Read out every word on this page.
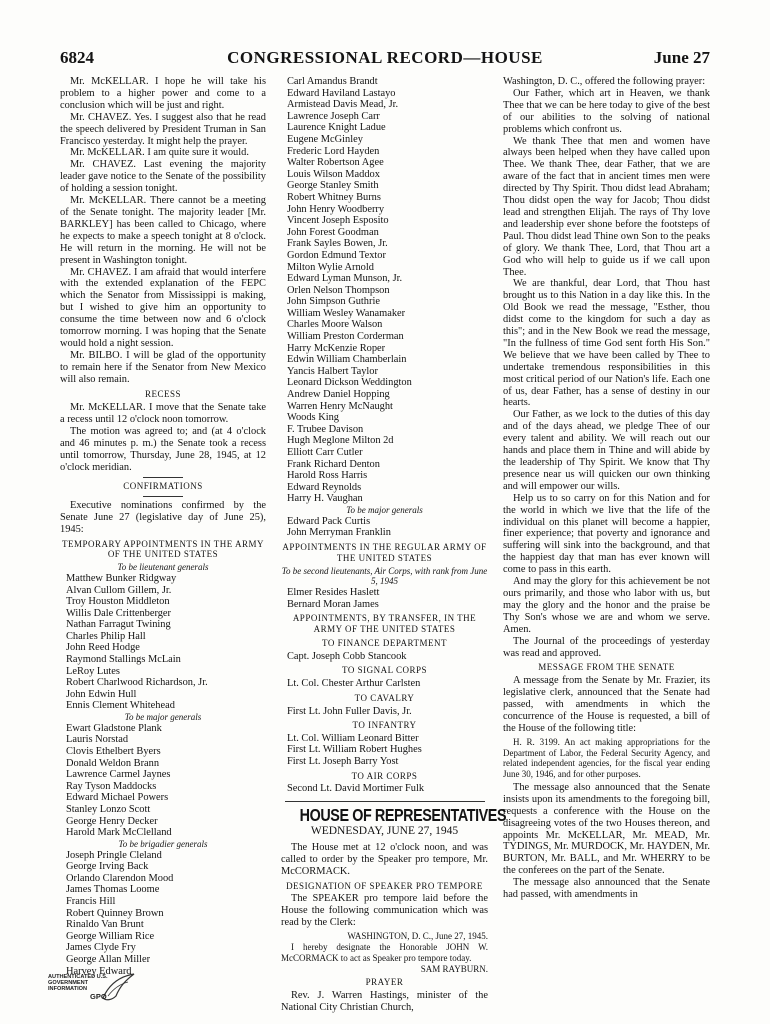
6824	CONGRESSIONAL RECORD—HOUSE	June 27

Mr. McKELLAR. I hope he will take his problem to a higher power and come to a conclusion which will be just and right.

Mr. CHAVEZ. Yes. I suggest also that he read the speech delivered by President Truman in San Francisco yesterday. It might help the prayer.

Mr. McKELLAR. I am quite sure it would.

Mr. CHAVEZ. Last evening the majority leader gave notice to the Senate of the possibility of holding a session tonight.

Mr. McKELLAR. There cannot be a meeting of the Senate tonight. The majority leader [Mr. BARKLEY] has been called to Chicago, where he expects to make a speech tonight at 8 o'clock. He will return in the morning. He will not be present in Washington tonight.

Mr. CHAVEZ. I am afraid that would interfere with the extended explanation of the FEPC which the Senator from Mississippi is making, but I wished to give him an opportunity to consume the time between now and 6 o'clock tomorrow morning. I was hoping that the Senate would hold a night session.

Mr. BILBO. I will be glad of the opportunity to remain here if the Senator from New Mexico will also remain.

RECESS

Mr. McKELLAR. I move that the Senate take a recess until 12 o'clock noon tomorrow.

The motion was agreed to; and (at 4 o'clock and 46 minutes p. m.) the Senate took a recess until tomorrow, Thursday, June 28, 1945, at 12 o'clock meridian.

CONFIRMATIONS

Executive nominations confirmed by the Senate June 27 (legislative day of June 25), 1945:

TEMPORARY APPOINTMENTS IN THE ARMY OF THE UNITED STATES
To be lieutenant generals
Matthew Bunker Ridgway
Alvan Cullom Gillem, Jr.
Troy Houston Middleton
Willis Dale Crittenberger
Nathan Farragut Twining
Charles Philip Hall
John Reed Hodge
Raymond Stallings McLain
LeRoy Lutes
Robert Charlwood Richardson, Jr.
John Edwin Hull
Ennis Clement Whitehead
To be major generals
Ewart Gladstone Plank
Lauris Norstad
Clovis Ethelbert Byers
Donald Weldon Brann
Lawrence Carmel Jaynes
Ray Tyson Maddocks
Edward Michael Powers
Stanley Lonzo Scott
George Henry Decker
Harold Mark McClelland
To be brigadier generals
Joseph Pringle Cleland
George Irving Back
Orlando Clarendon Mood
James Thomas Loome
Francis Hill
Robert Quinney Brown
Rinaldo Van Brunt
George William Rice
James Clyde Fry
George Allan Miller
Harvey Edward
Carl Amandus Brandt
Edward Haviland Lastayo
Armistead Davis Mead, Jr.
Lawrence Joseph Carr
Laurence Knight Ladue
Eugene McGinley
Frederic Lord Hayden
Walter Robertson Agee
Louis Wilson Maddox
George Stanley Smith
Robert Whitney Burns
John Henry Woodberry
Vincent Joseph Esposito
John Forest Goodman
Frank Sayles Bowen, Jr.
Gordon Edmund Textor
Milton Wylie Arnold
Edward Lyman Munson, Jr.
Orlen Nelson Thompson
John Simpson Guthrie
William Wesley Wanamaker
Charles Moore Walson
William Preston Corderman
Harry McKenzie Roper
Edwin William Chamberlain
Yancis Halbert Taylor
Leonard Dickson Weddington
Andrew Daniel Hopping
Warren Henry McNaught
Woods King
F. Trubee Davison
Hugh Meglone Milton 2d
Elliott Carr Cutler
Frank Richard Denton
Harold Ross Harris
Edward Reynolds
Harry H. Vaughan
To be major generals
Edward Pack Curtis
John Merryman Franklin
APPOINTMENTS IN THE REGULAR ARMY OF THE UNITED STATES
To be second lieutenants, Air Corps, with rank from June 5, 1945
Elmer Resides Haslett
Bernard Moran James
APPOINTMENTS, BY TRANSFER, IN THE ARMY OF THE UNITED STATES
TO FINANCE DEPARTMENT
Capt. Joseph Cobb Stancook
TO SIGNAL CORPS
Lt. Col. Chester Arthur Carlsten
TO CAVALRY
First Lt. John Fuller Davis, Jr.
TO INFANTRY
Lt. Col. William Leonard Bitter
First Lt. William Robert Hughes
First Lt. Joseph Barry Yost
TO AIR CORPS
Second Lt. David Mortimer Fulk
HOUSE OF REPRESENTATIVES
WEDNESDAY, JUNE 27, 1945

The House met at 12 o'clock noon, and was called to order by the Speaker pro tempore, Mr. McCORMACK.

DESIGNATION OF SPEAKER PRO TEMPORE

The SPEAKER pro tempore laid before the House the following communication which was read by the Clerk:

WASHINGTON, D. C., June 27, 1945.

I hereby designate the Honorable JOHN W. McCORMACK to act as Speaker pro tempore today.

SAM RAYBURN.

PRAYER

Rev. J. Warren Hastings, minister of the National City Christian Church,

Washington, D. C., offered the following prayer:

Our Father, which art in Heaven, we thank Thee that we can be here today to give of the best of our abilities to the solving of national problems which confront us.

We thank Thee that men and women have always been helped when they have called upon Thee. We thank Thee, dear Father, that we are aware of the fact that in ancient times men were directed by Thy Spirit. Thou didst lead Abraham; Thou didst open the way for Jacob; Thou didst lead and strengthen Elijah. The rays of Thy love and leadership ever shone before the footsteps of Paul. Thou didst lead Thine own Son to the peaks of glory. We thank Thee, Lord, that Thou art a God who will help to guide us if we call upon Thee.

We are thankful, dear Lord, that Thou hast brought us to this Nation in a day like this. In the Old Book we read the message, "Esther, thou didst come to the kingdom for such a day as this"; and in the New Book we read the message, "In the fullness of time God sent forth His Son." We believe that we have been called by Thee to undertake tremendous responsibilities in this most critical period of our Nation's life. Each one of us, dear Father, has a sense of destiny in our hearts.

Our Father, as we lock to the duties of this day and of the days ahead, we pledge Thee of our every talent and ability. We will reach out our hands and place them in Thine and will abide by the leadership of Thy Spirit. We know that Thy presence near us will quicken our own thinking and will empower our wills.

Help us to so carry on for this Nation and for the world in which we live that the life of the individual on this planet will become a happier, finer experience; that poverty and ignorance and suffering will sink into the background, and that the happiest day that man has ever known will come to pass in this earth.

And may the glory for this achievement be not ours primarily, and those who labor with us, but may the glory and the honor and the praise be Thy Son's whose we are and whom we serve. Amen.

The Journal of the proceedings of yesterday was read and approved.

MESSAGE FROM THE SENATE

A message from the Senate by Mr. Frazier, its legislative clerk, announced that the Senate had passed, with amendments in which the concurrence of the House is requested, a bill of the House of the following title:

H. R. 3199. An act making appropriations for the Department of Labor, the Federal Security Agency, and related independent agencies, for the fiscal year ending June 30, 1946, and for other purposes.

The message also announced that the Senate insists upon its amendments to the foregoing bill, requests a conference with the House on the disagreeing votes of the two Houses thereon, and appoints Mr. McKELLAR, Mr. MEAD, Mr. TYDINGS, Mr. MURDOCK, Mr. HAYDEN, Mr. BURTON, Mr. BALL, and Mr. WHERRY to be the conferees on the part of the Senate.

The message also announced that the Senate had passed, with amendments in

AUTHENTICATED U.S. GOVERNMENT INFORMATION
GPO
